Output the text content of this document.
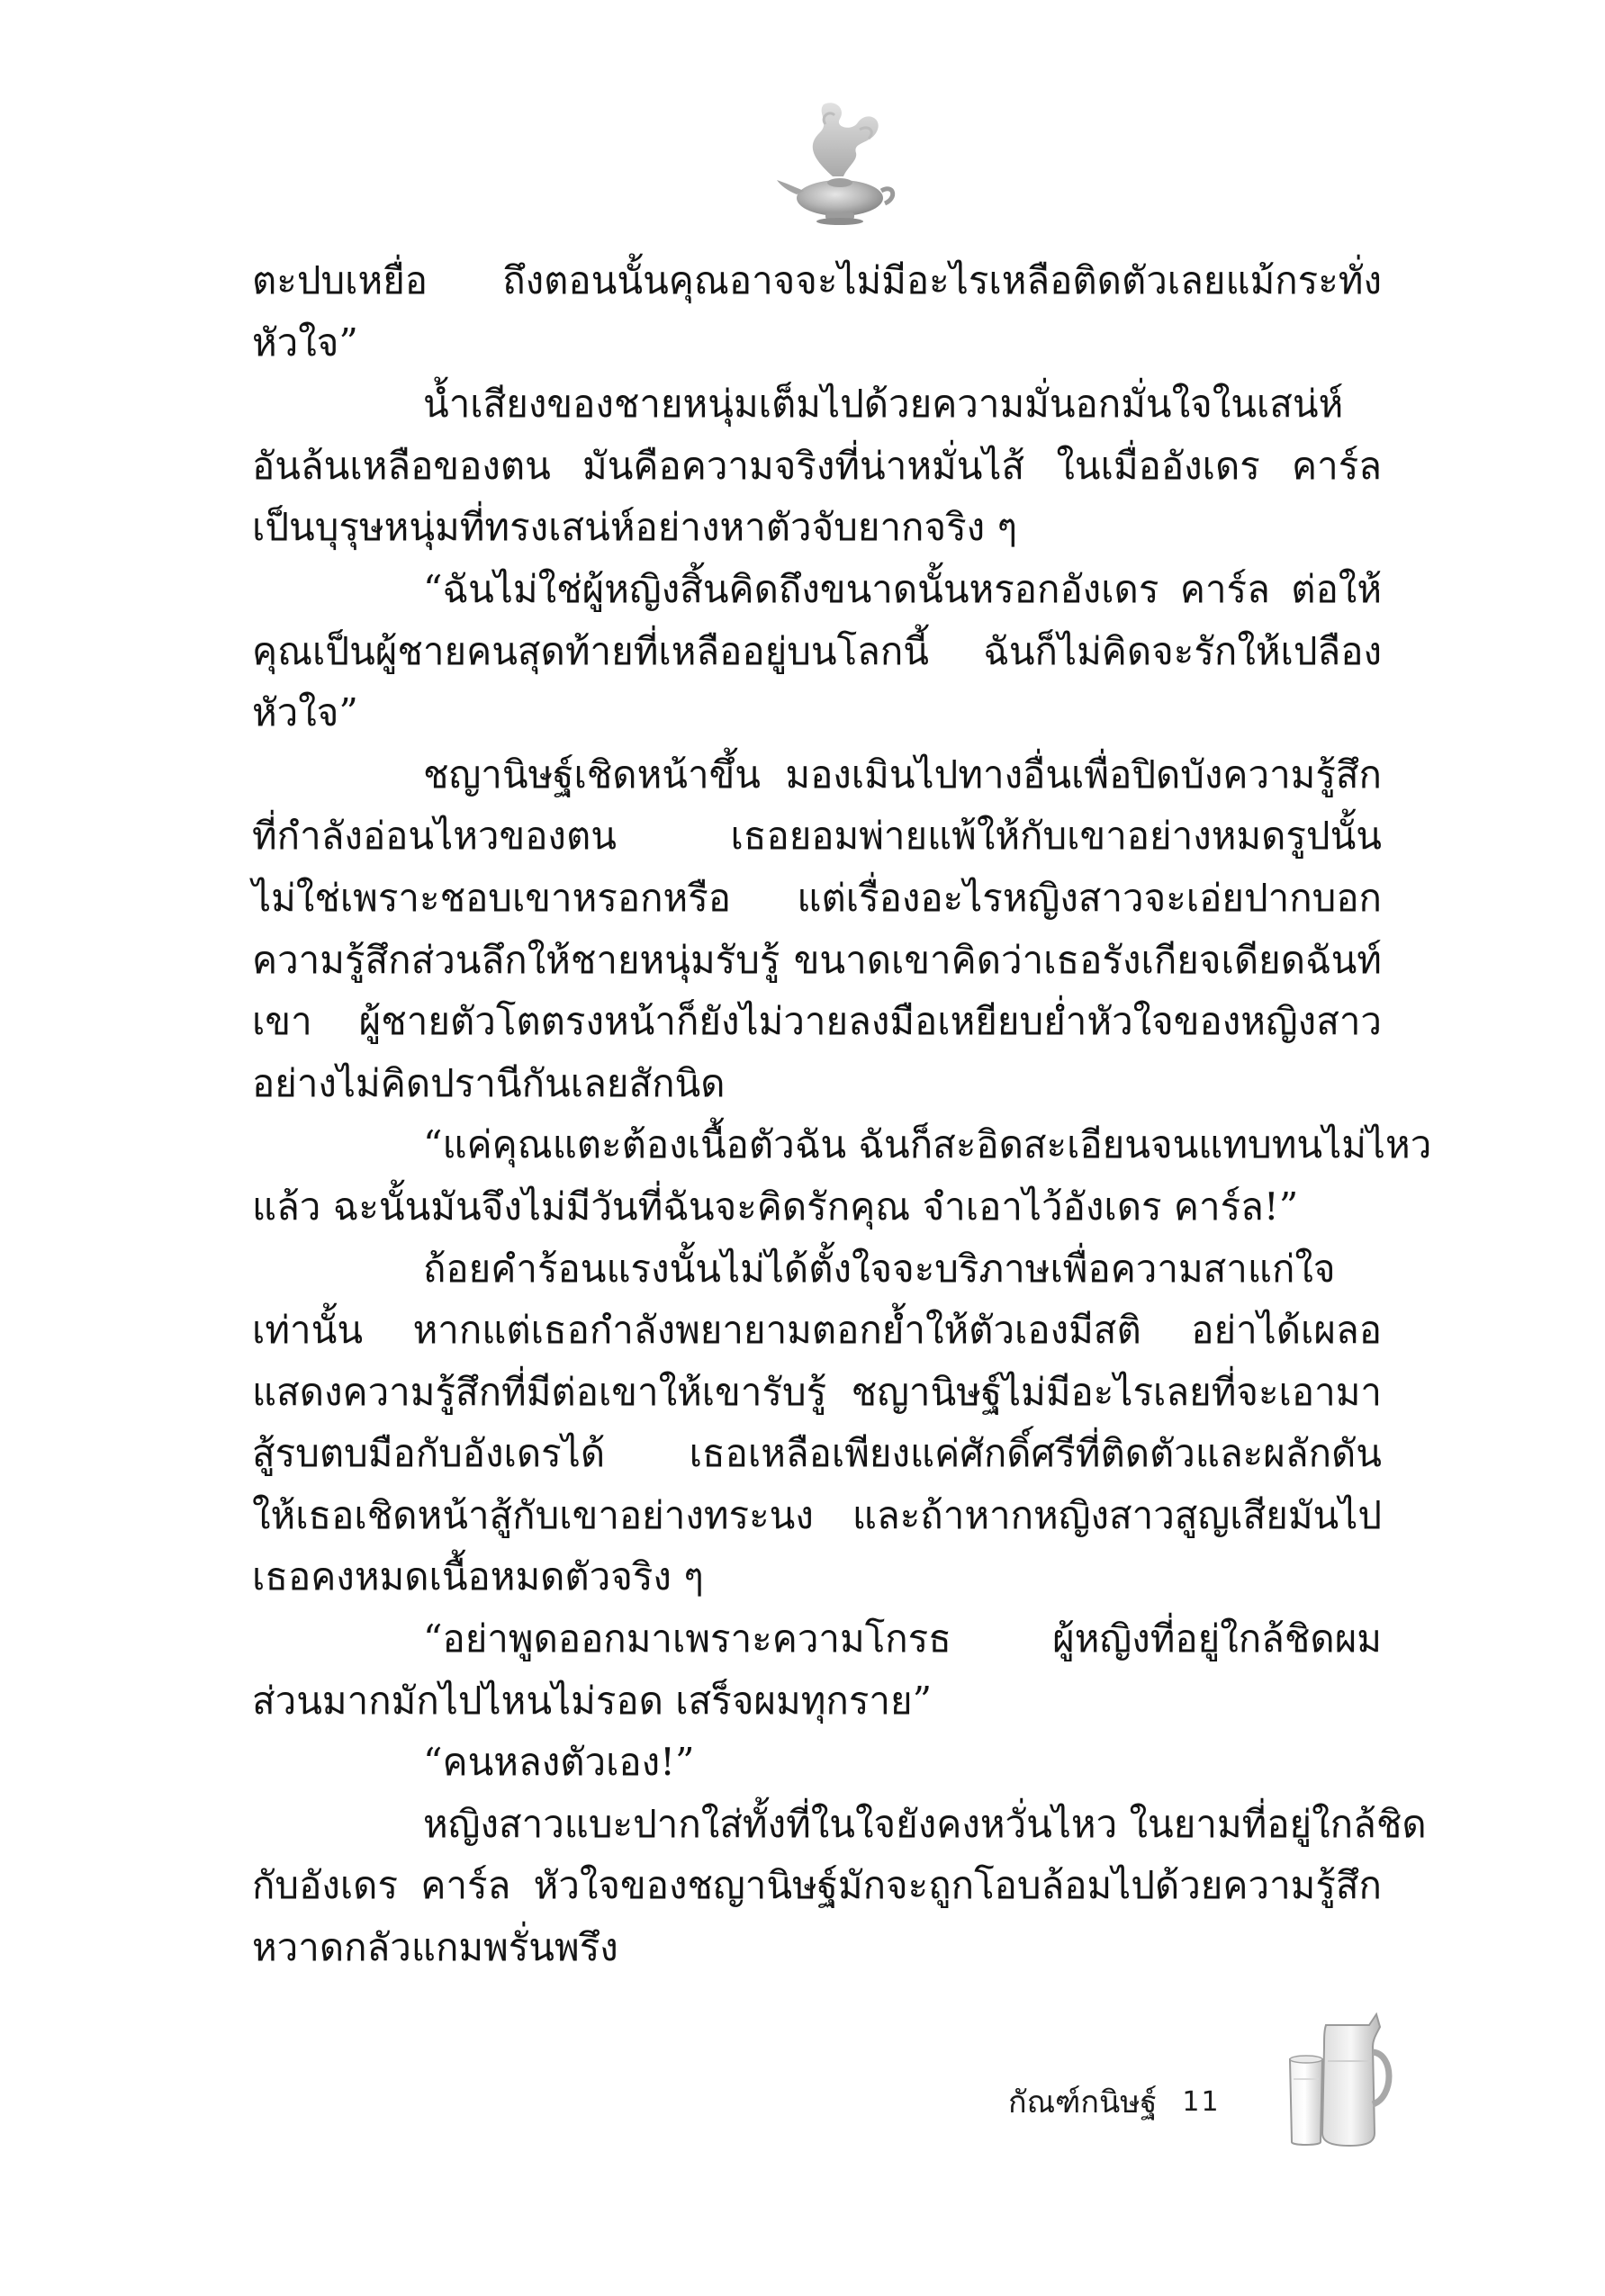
ตะปบเหยื่อ ถึงตอนนั้นคุณอาจจะไม่มีอะไรเหลือติดตัวเลยแม้กระทั่ง
หัวใจ”
น้ำเสียงของชายหนุ่มเต็มไปด้วยความมั่นอกมั่นใจในเสน่ห์
อันล้นเหลือของตน มันคือความจริงที่น่าหมั่นไส้ ในเมื่ออังเดร คาร์ล
เป็นบุรุษหนุ่มที่ทรงเสน่ห์อย่างหาตัวจับยากจริง ๆ
“ฉันไม่ใช่ผู้หญิงสิ้นคิดถึงขนาดนั้นหรอกอังเดร คาร์ล ต่อให้
คุณเป็นผู้ชายคนสุดท้ายที่เหลืออยู่บนโลกนี้ ฉันก็ไม่คิดจะรักให้เปลือง
หัวใจ”
ชญานิษฐ์เชิดหน้าขึ้น มองเมินไปทางอื่นเพื่อปิดบังความรู้สึก
ที่กำลังอ่อนไหวของตน เธอยอมพ่ายแพ้ให้กับเขาอย่างหมดรูปนั้น
ไม่ใช่เพราะชอบเขาหรอกหรือ แต่เรื่องอะไรหญิงสาวจะเอ่ยปากบอก
ความรู้สึกส่วนลึกให้ชายหนุ่มรับรู้ ขนาดเขาคิดว่าเธอรังเกียจเดียดฉันท์
เขา ผู้ชายตัวโตตรงหน้าก็ยังไม่วายลงมือเหยียบย่ำหัวใจของหญิงสาว
อย่างไม่คิดปรานีกันเลยสักนิด
“แค่คุณแตะต้องเนื้อตัวฉัน ฉันก็สะอิดสะเอียนจนแทบทนไม่ไหว
แล้ว ฉะนั้นมันจึงไม่มีวันที่ฉันจะคิดรักคุณ จำเอาไว้อังเดร คาร์ล!”
ถ้อยคำร้อนแรงนั้นไม่ได้ตั้งใจจะบริภาษเพื่อความสาแก่ใจ
เท่านั้น หากแต่เธอกำลังพยายามตอกย้ำให้ตัวเองมีสติ อย่าได้เผลอ
แสดงความรู้สึกที่มีต่อเขาให้เขารับรู้ ชญานิษฐ์ไม่มีอะไรเลยที่จะเอามา
สู้รบตบมือกับอังเดรได้ เธอเหลือเพียงแค่ศักดิ์ศรีที่ติดตัวและผลักดัน
ให้เธอเชิดหน้าสู้กับเขาอย่างทระนง และถ้าหากหญิงสาวสูญเสียมันไป
เธอคงหมดเนื้อหมดตัวจริง ๆ
“อย่าพูดออกมาเพราะความโกรธ ผู้หญิงที่อยู่ใกล้ชิดผม
ส่วนมากมักไปไหนไม่รอด เสร็จผมทุกราย”
“คนหลงตัวเอง!”
หญิงสาวแบะปากใส่ทั้งที่ในใจยังคงหวั่นไหว ในยามที่อยู่ใกล้ชิด
กับอังเดร คาร์ล หัวใจของชญานิษฐ์มักจะถูกโอบล้อมไปด้วยความรู้สึก
หวาดกลัวแกมพรั่นพรึง
กัณฑ์กนิษฐ์ 11
